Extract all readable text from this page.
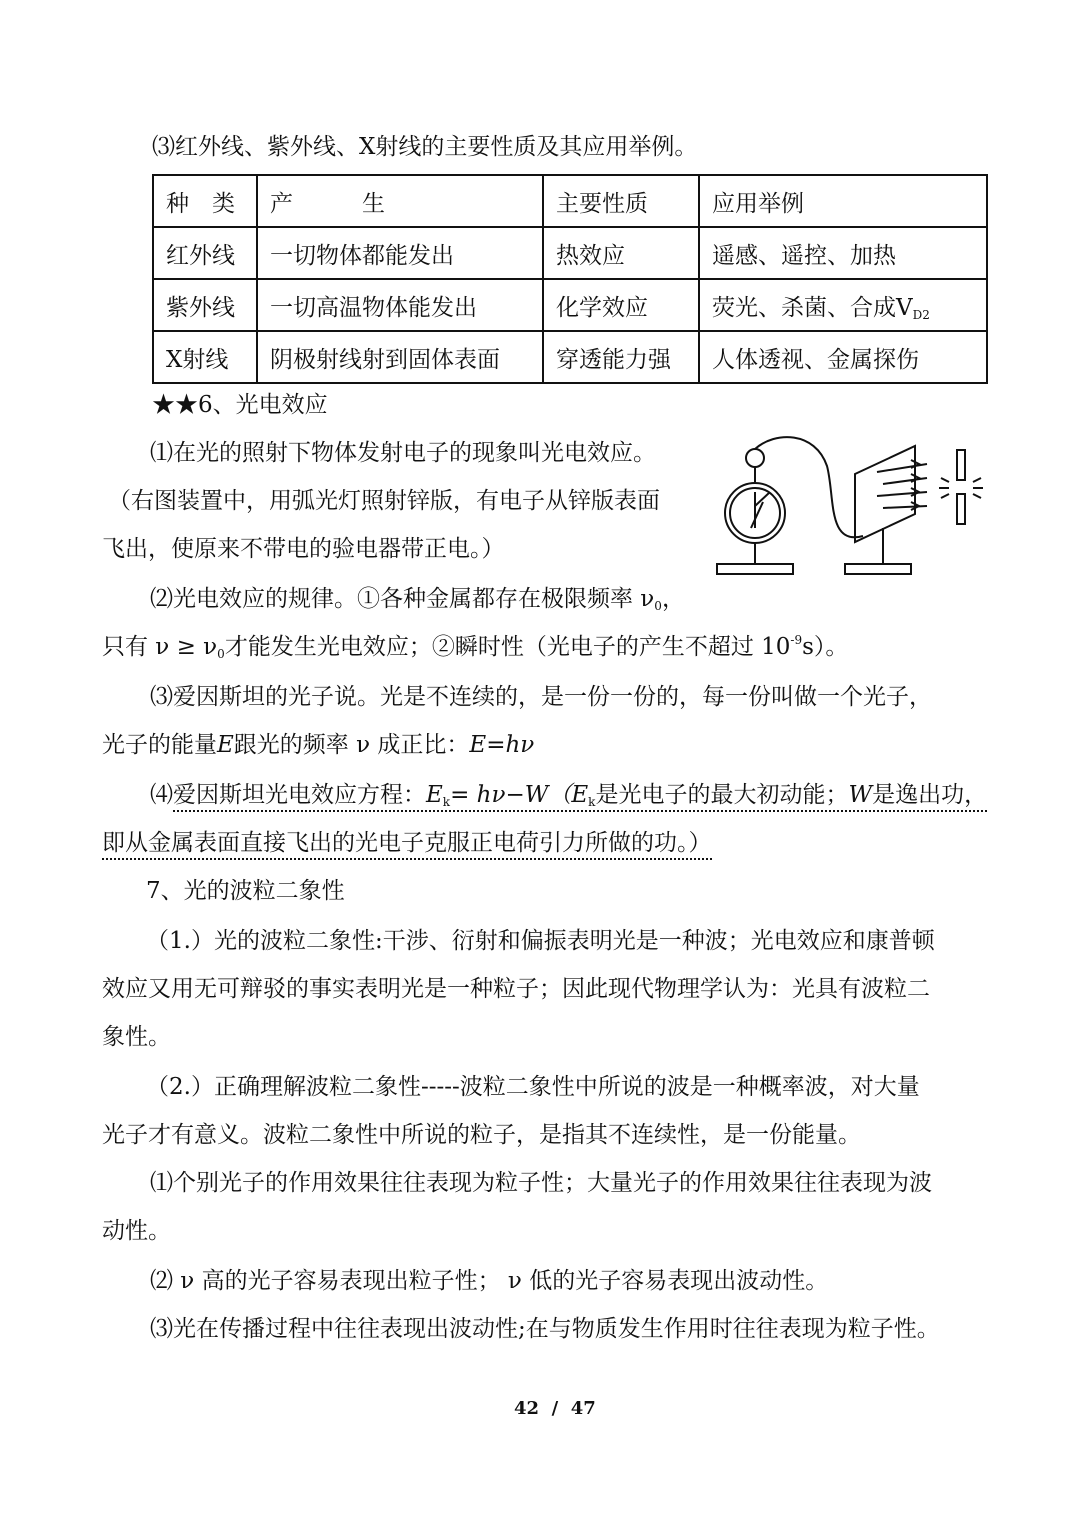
⑶红外线、紫外线、X射线的主要性质及其应用举例。
种　类	产　　　生	主要性质	应用举例
红外线	一切物体都能发出	热效应	遥感、遥控、加热
紫外线	一切高温物体能发出	化学效应	荧光、杀菌、合成$V_{D2}$
X射线	阴极射线射到固体表面	穿透能力强	人体透视、金属探伤
★★6、光电效应
⑴在光的照射下物体发射电子的现象叫光电效应。
（右图装置中，用弧光灯照射锌版，有电子从锌版表面
飞出，使原来不带电的验电器带正电。）
⑵光电效应的规律。①各种金属都存在极限频率 $\nu_0$，
只有 $\nu \ge \nu_0$才能发生光电效应；②瞬时性（光电子的产生不超过 $10^{-9}s$）。
⑶爱因斯坦的光子说。光是不连续的，是一份一份的，每一份叫做一个光子，
光子的能量E跟光的频率 ν 成正比：E=hν
⑷爱因斯坦光电效应方程：$E_k= h\nu-W(E_k$是光电子的最大初动能；W是逸出功，
即从金属表面直接飞出的光电子克服正电荷引力所做的功。）
7、光的波粒二象性
（1.）光的波粒二象性:干涉、衍射和偏振表明光是一种波；光电效应和康普顿
效应又用无可辩驳的事实表明光是一种粒子；因此现代物理学认为：光具有波粒二
象性。
（2.）正确理解波粒二象性-----波粒二象性中所说的波是一种概率波，对大量
光子才有意义。波粒二象性中所说的粒子，是指其不连续性，是一份能量。
⑴个别光子的作用效果往往表现为粒子性；大量光子的作用效果往往表现为波
动性。
⑵ ν 高的光子容易表现出粒子性； ν 低的光子容易表现出波动性。
⑶光在传播过程中往往表现出波动性;在与物质发生作用时往往表现为粒子性。
42 / 47
